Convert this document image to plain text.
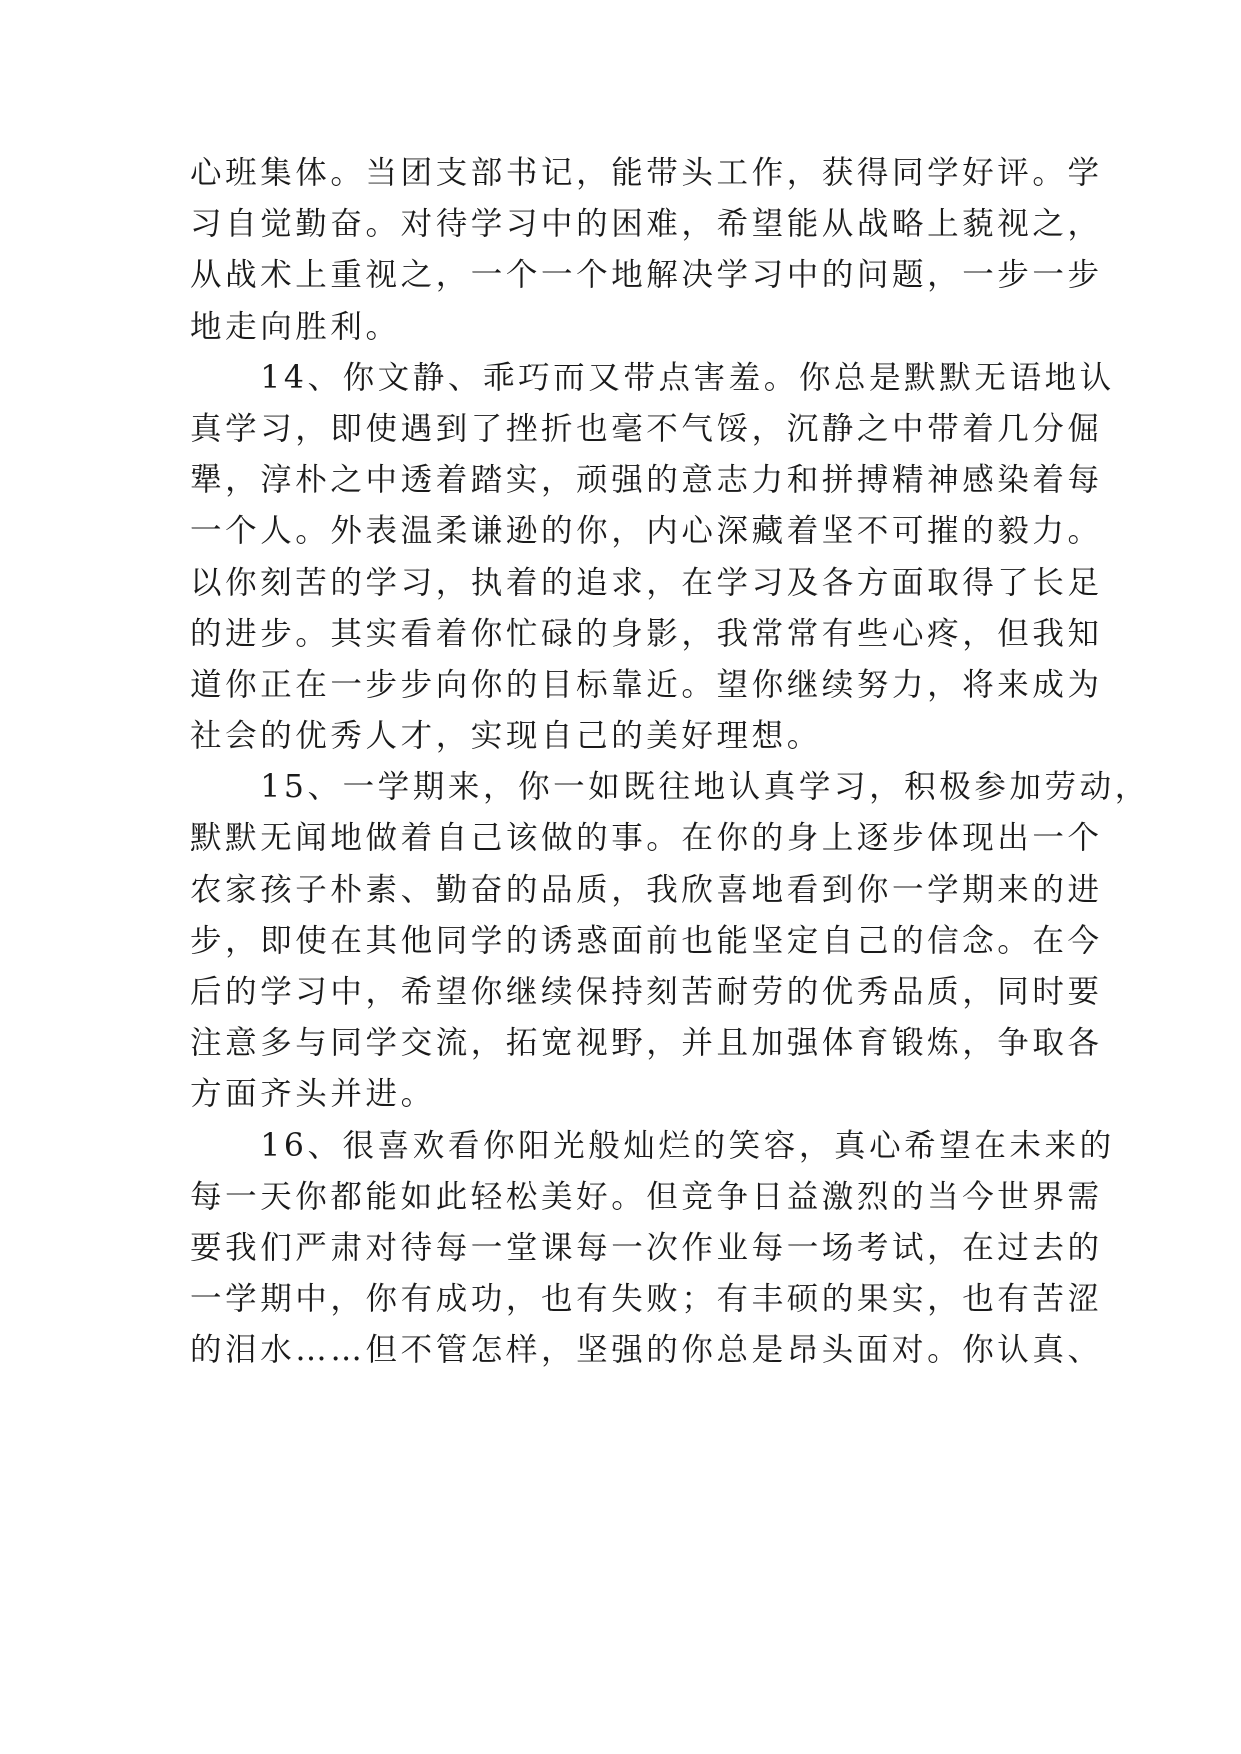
心班集体。当团支部书记，能带头工作，获得同学好评。学
习自觉勤奋。对待学习中的困难，希望能从战略上藐视之，
从战术上重视之，一个一个地解决学习中的问题，一步一步
地走向胜利。
　　14、你文静、乖巧而又带点害羞。你总是默默无语地认
真学习，即使遇到了挫折也毫不气馁，沉静之中带着几分倔
犟，淳朴之中透着踏实，顽强的意志力和拼搏精神感染着每
一个人。外表温柔谦逊的你，内心深藏着坚不可摧的毅力。
以你刻苦的学习，执着的追求，在学习及各方面取得了长足
的进步。其实看着你忙碌的身影，我常常有些心疼，但我知
道你正在一步步向你的目标靠近。望你继续努力，将来成为
社会的优秀人才，实现自己的美好理想。
　　15、一学期来，你一如既往地认真学习，积极参加劳动，
默默无闻地做着自己该做的事。在你的身上逐步体现出一个
农家孩子朴素、勤奋的品质，我欣喜地看到你一学期来的进
步，即使在其他同学的诱惑面前也能坚定自己的信念。在今
后的学习中，希望你继续保持刻苦耐劳的优秀品质，同时要
注意多与同学交流，拓宽视野，并且加强体育锻炼，争取各
方面齐头并进。
　　16、很喜欢看你阳光般灿烂的笑容，真心希望在未来的
每一天你都能如此轻松美好。但竞争日益激烈的当今世界需
要我们严肃对待每一堂课每一次作业每一场考试，在过去的
一学期中，你有成功，也有失败；有丰硕的果实，也有苦涩
的泪水……但不管怎样，坚强的你总是昂头面对。你认真、
